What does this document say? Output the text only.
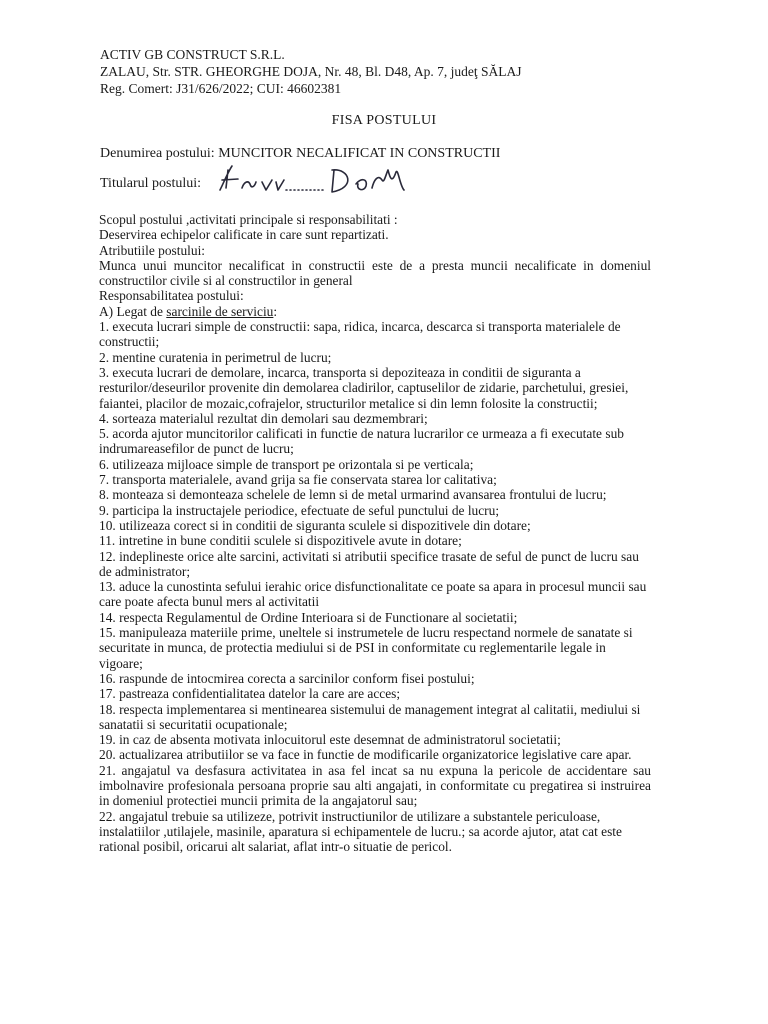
ACTIV GB CONSTRUCT S.R.L.
ZALAU, Str. STR. GHEORGHE DOJA, Nr. 48, Bl. D48, Ap. 7, judeţ SĂLAJ
Reg. Comert: J31/626/2022; CUI: 46602381
FISA POSTULUI
Denumirea postului: MUNCITOR NECALIFICAT IN CONSTRUCTII
Titularul postului:

Scopul postului ,activitati principale si responsabilitati :

Deservirea echipelor calificate in care sunt repartizati.

Atributiile postului:

Munca unui muncitor necalificat in constructii este de a presta muncii necalificate in domeniul constructilor civile si al constructilor in general

Responsabilitatea postului:

A) Legat de sarcinile de serviciu:

1. executa lucrari simple de constructii: sapa, ridica, incarca, descarca si transporta materialele de constructii;

2. mentine curatenia in perimetrul de lucru;

3. executa lucrari de demolare, incarca, transporta si depoziteaza in conditii de siguranta a resturilor/deseurilor provenite din demolarea cladirilor, captuselilor de zidarie, parchetului, gresiei, faiantei, placilor de mozaic,cofrajelor, structurilor metalice si din lemn folosite la constructii;

4. sorteaza materialul rezultat din demolari sau dezmembrari;

5. acorda ajutor muncitorilor calificati in functie de natura lucrarilor ce urmeaza a fi executate sub indrumareasefilor de punct de lucru;

6. utilizeaza mijloace simple de transport pe orizontala si pe verticala;

7. transporta materialele, avand grija sa fie conservata starea lor calitativa;

8. monteaza si demonteaza schelele de lemn si de metal urmarind avansarea frontului de lucru;

9. participa la instructajele periodice, efectuate de seful punctului de lucru;

10. utilizeaza corect si in conditii de siguranta sculele si dispozitivele din dotare;

11. intretine in bune conditii sculele si dispozitivele avute in dotare;

12. indeplineste orice alte sarcini, activitati si atributii specifice trasate de seful de punct de lucru sau de administrator;

13. aduce la cunostinta sefului ierahic orice disfunctionalitate ce poate sa apara in procesul muncii sau care poate afecta bunul mers al activitatii

14. respecta Regulamentul de Ordine Interioara si de Functionare al societatii;

15. manipuleaza materiile prime, uneltele si instrumetele de lucru respectand normele de sanatate si securitate in munca, de protectia mediului si de PSI in conformitate cu reglementarile legale in vigoare;

16. raspunde de intocmirea corecta a sarcinilor conform fisei postului;

17. pastreaza confidentialitatea datelor la care are acces;

18. respecta implementarea si mentinearea sistemului de management integrat al calitatii, mediului si sanatatii si securitatii ocupationale;

19. in caz de absenta motivata inlocuitorul este desemnat de administratorul societatii;

20. actualizarea atributiilor se va face in functie de modificarile organizatorice legislative care apar.

21. angajatul va desfasura activitatea in asa fel incat sa nu expuna la pericole de accidentare sau imbolnavire profesionala persoana proprie sau alti angajati, in conformitate cu pregatirea si instruirea in domeniul protectiei muncii primita de la angajatorul sau;

22. angajatul trebuie sa utilizeze, potrivit instructiunilor de utilizare a substantele periculoase, instalatiilor ,utilajele, masinile, aparatura si echipamentele de lucru.; sa acorde ajutor, atat cat este rational posibil, oricarui alt salariat, aflat intr-o situatie de pericol.
